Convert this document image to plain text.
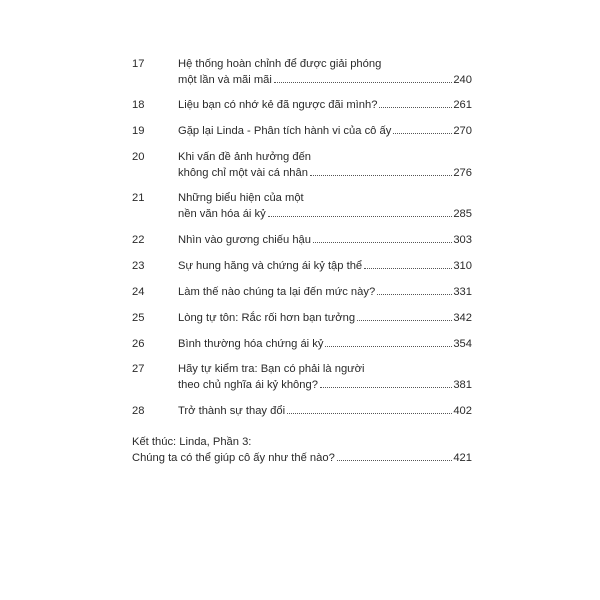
17	Hệ thống hoàn chỉnh để được giải phóng
một lần và mãi mãi	240
18	Liệu bạn có nhớ kẻ đã ngược đãi mình?	261
19	Gặp lại Linda - Phân tích hành vi của cô ấy	270
20	Khi vấn đề ảnh hưởng đến
không chỉ một vài cá nhân	276
21	Những biểu hiện của một
nền văn hóa ái kỷ	285
22	Nhìn vào gương chiếu hậu	303
23	Sự hung hăng và chứng ái kỷ tập thể	310
24	Làm thế nào chúng ta lại đến mức này?	331
25	Lòng tự tôn: Rắc rối hơn bạn tưởng	342
26	Bình thường hóa chứng ái kỷ	354
27	Hãy tự kiểm tra: Bạn có phải là người
theo chủ nghĩa ái kỷ không?	381
28	Trở thành sự thay đổi	402
Kết thúc: Linda, Phần 3:
Chúng ta có thể giúp cô ấy như thế nào?	421
